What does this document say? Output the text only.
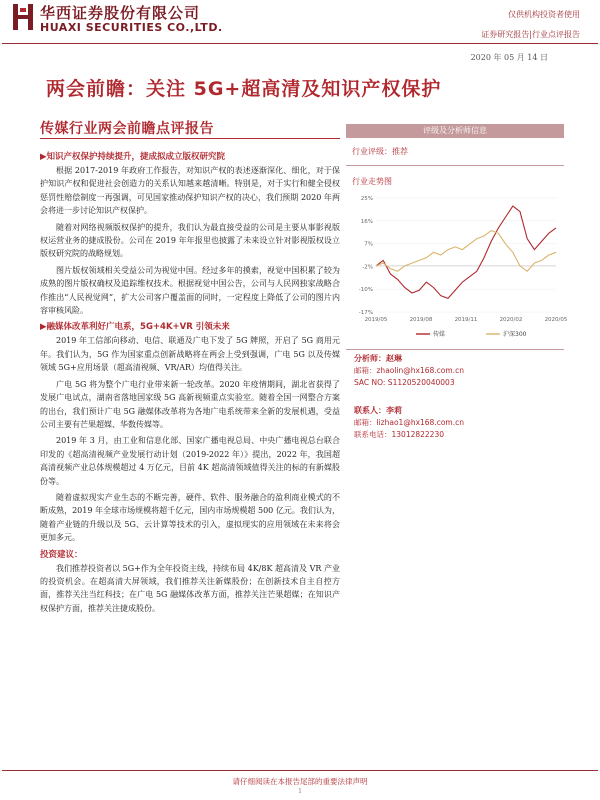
华西证券股份有限公司
HUAXI SECURITIES CO.,LTD.
仅供机构投资者使用
证券研究报告|行业点评报告
2020 年 05 月 14 日
两会前瞻：关注 5G+超高清及知识产权保护
传媒行业两会前瞻点评报告
▶知识产权保护持续提升，捷成拟成立版权研究院

根据 2017-2019 年政府工作报告，对知识产权的表述逐渐深化、细化，对于保护知识产权和促进社会创造力的关系认知越来越清晰。特别是，对于实行和健全侵权惩罚性赔偿制度一再强调，可见国家推动保护知识产权的决心，我们预期 2020 年两会将进一步讨论知识产权保护。

随着对网络视频版权保护的提升，我们认为最直接受益的公司是主要从事影视版权运营业务的捷成股份。公司在 2019 年年报里也披露了未来设立针对影视版权设立版权研究院的战略规划。

图片版权领域相关受益公司为视觉中国。经过多年的摸索，视觉中国积累了较为成熟的图片版权确权及追踪维权技术。根据视觉中国公告，公司与人民网独家战略合作推出“人民视觉网”，扩大公司客户覆盖面的同时，一定程度上降低了公司的图片内容审核风险。

▶融媒体改革利好广电系，5G+4K+VR 引领未来

2019 年工信部向移动、电信、联通及广电下发了 5G 牌照，开启了 5G 商用元年。我们认为，5G 作为国家重点创新战略将在两会上受到强调，广电 5G 以及传媒领域 5G+应用场景（超高清视频、VR/AR）均值得关注。

广电 5G 将为整个广电行业带来新一轮改革。2020 年疫情期间，湖北省获得了发展广电试点，湖南省落地国家级 5G 高新视频重点实验室。随着全国一网整合方案的出台，我们预计广电 5G 融媒体改革将为各地广电系统带来全新的发展机遇，受益公司主要有芒果超媒、华数传媒等。

2019 年 3 月，由工业和信息化部、国家广播电视总局、中央广播电视总台联合印发的《超高清视频产业发展行动计划（2019-2022 年）》提出，2022 年，我国超高清视频产业总体规模超过 4 万亿元，目前 4K 超高清领域值得关注的标的有新媒股份等。

随着虚拟现实产业生态的不断完善，硬件、软件、服务融合的盈利商业模式的不断成熟，2019 年全球市场规模将超千亿元，国内市场规模超 500 亿元。我们认为，随着产业链的升级以及 5G、云计算等技术的引入，虚拟现实的应用领域在未来将会更加多元。

投资建议：

我们推荐投资者以 5G+作为全年投资主线，持续布局 4K/8K 超高清及 VR 产业的投资机会。在超高清大屏领域，我们推荐关注新媒股份；在创新技术自主自控方面，推荐关注当红科技；在广电 5G 融媒体改革方面，推荐关注芒果超媒；在知识产权保护方面，推荐关注捷成股份。

评级及分析师信息
行业评级：推荐
行业走势图
25%
16%
7%
-2%
-10%
-17%
2019/05	2019/08	2019/11	2020/02	2020/05
传媒	沪深300
分析师：赵琳
邮箱：zhaolin@hx168.com.cn
SAC NO: S1120520040003
联系人：李莉
邮箱：lizhao1@hx168.com.cn
联系电话：13012822230
请仔细阅读在本报告尾部的重要法律声明
1
